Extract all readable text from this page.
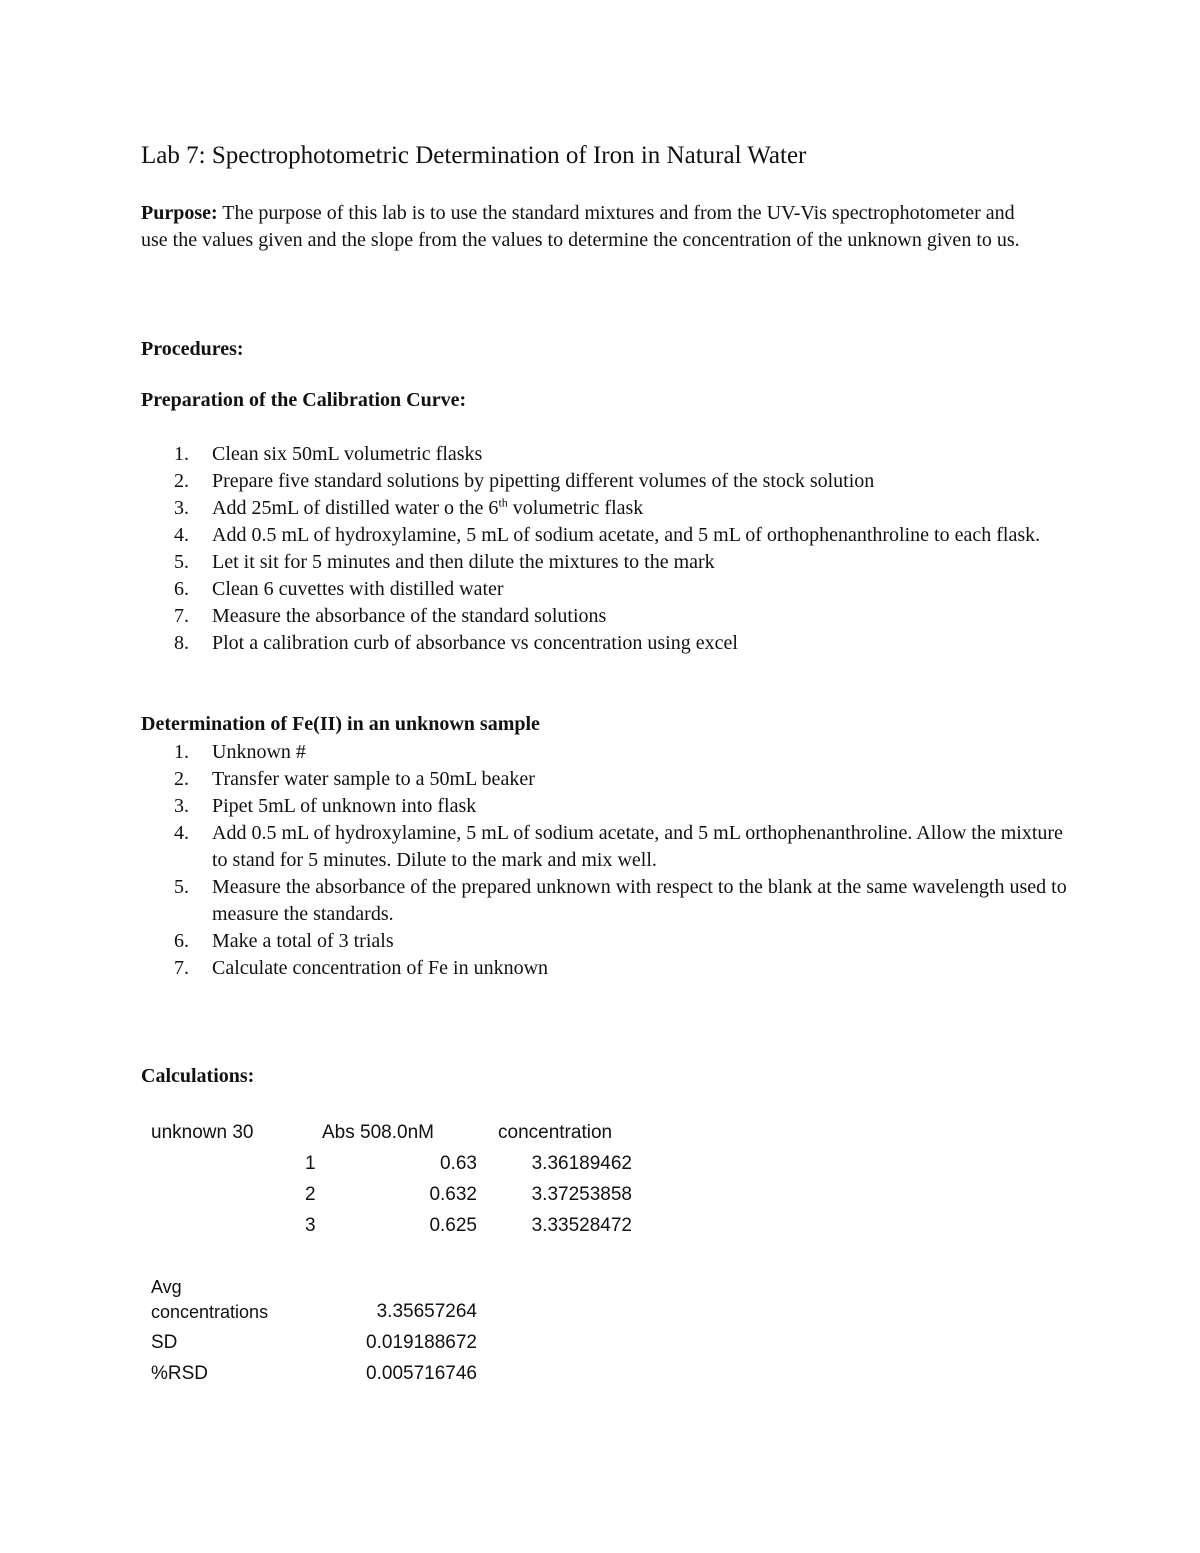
Lab 7: Spectrophotometric Determination of Iron in Natural Water
Purpose: The purpose of this lab is to use the standard mixtures and from the UV-Vis spectrophotometer and use the values given and the slope from the values to determine the concentration of the unknown given to us.
Procedures:
Preparation of the Calibration Curve:
1. Clean six 50mL volumetric flasks
2. Prepare five standard solutions by pipetting different volumes of the stock solution
3. Add 25mL of distilled water o the 6th volumetric flask
4. Add 0.5 mL of hydroxylamine, 5 mL of sodium acetate, and 5 mL of orthophenanthroline to each flask.
5. Let it sit for 5 minutes and then dilute the mixtures to the mark
6. Clean 6 cuvettes with distilled water
7. Measure the absorbance of the standard solutions
8. Plot a calibration curb of absorbance vs concentration using excel
Determination of Fe(II) in an unknown sample
1. Unknown #
2. Transfer water sample to a 50mL beaker
3. Pipet 5mL of unknown into flask
4. Add 0.5 mL of hydroxylamine, 5 mL of sodium acetate, and 5 mL orthophenanthroline. Allow the mixture to stand for 5 minutes. Dilute to the mark and mix well.
5. Measure the absorbance of the prepared unknown with respect to the blank at the same wavelength used to measure the standards.
6. Make a total of 3 trials
7. Calculate concentration of Fe in unknown
Calculations:
unknown 30	Abs 508.0nM	concentration
1	0.63	3.36189462
2	0.632	3.37253858
3	0.625	3.33528472
Avg
concentrations	3.35657264
SD	0.019188672
%RSD	0.005716746
